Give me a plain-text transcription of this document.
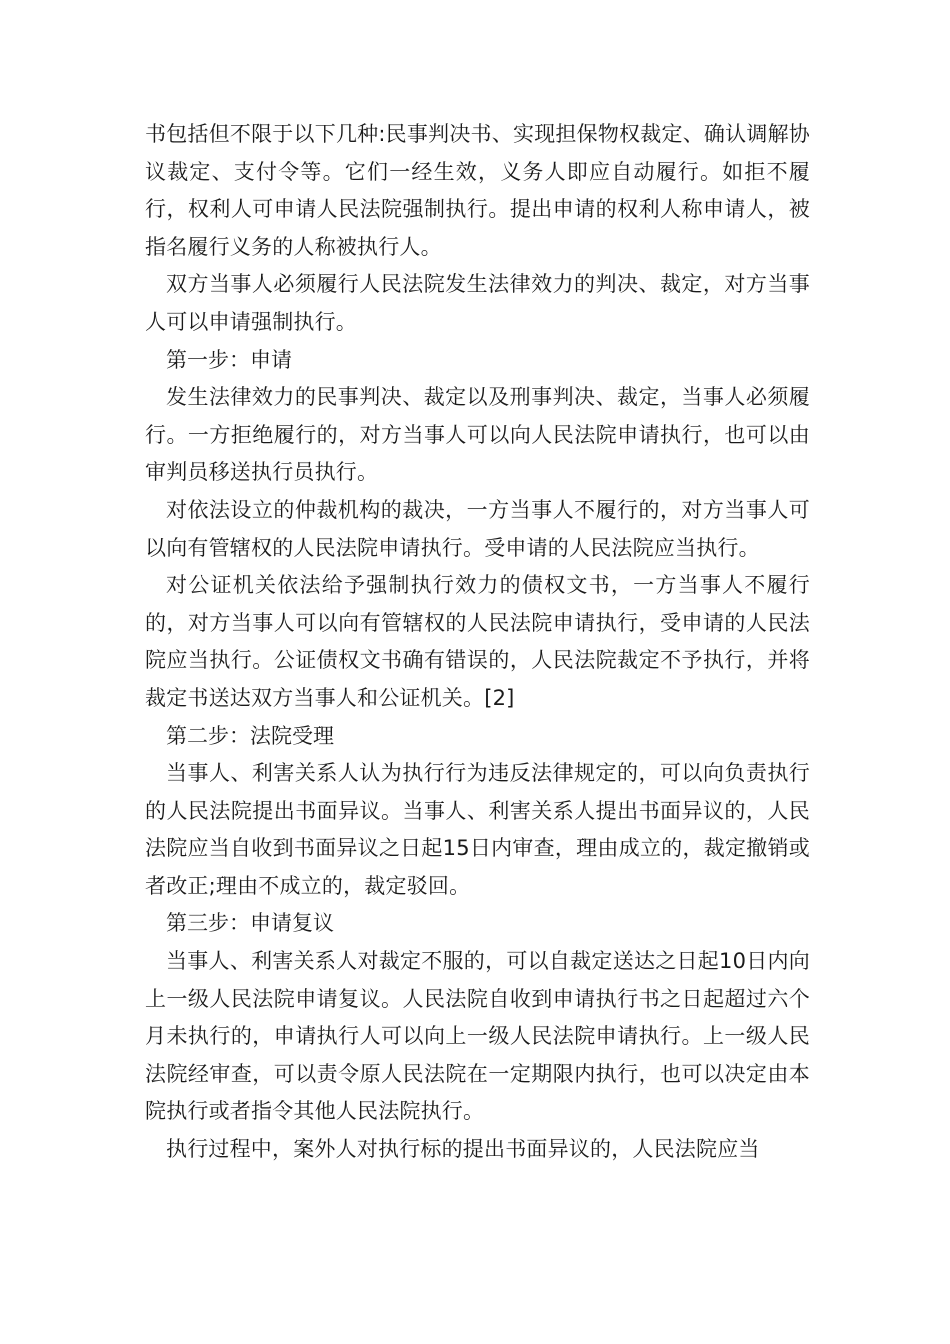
书包括但不限于以下几种:民事判决书、实现担保物权裁定、确认调解协议裁定、支付令等。它们一经生效，义务人即应自动履行。如拒不履行，权利人可申请人民法院强制执行。提出申请的权利人称申请人，被指名履行义务的人称被执行人。

双方当事人必须履行人民法院发生法律效力的判决、裁定，对方当事人可以申请强制执行。

第一步：申请

发生法律效力的民事判决、裁定以及刑事判决、裁定，当事人必须履行。一方拒绝履行的，对方当事人可以向人民法院申请执行，也可以由审判员移送执行员执行。

对依法设立的仲裁机构的裁决，一方当事人不履行的，对方当事人可以向有管辖权的人民法院申请执行。受申请的人民法院应当执行。

对公证机关依法给予强制执行效力的债权文书，一方当事人不履行的，对方当事人可以向有管辖权的人民法院申请执行，受申请的人民法院应当执行。公证债权文书确有错误的，人民法院裁定不予执行，并将裁定书送达双方当事人和公证机关。[2]

第二步：法院受理

当事人、利害关系人认为执行行为违反法律规定的，可以向负责执行的人民法院提出书面异议。当事人、利害关系人提出书面异议的，人民法院应当自收到书面异议之日起15日内审查，理由成立的，裁定撤销或者改正;理由不成立的，裁定驳回。

第三步：申请复议

当事人、利害关系人对裁定不服的，可以自裁定送达之日起10日内向上一级人民法院申请复议。人民法院自收到申请执行书之日起超过六个月未执行的，申请执行人可以向上一级人民法院申请执行。上一级人民法院经审查，可以责令原人民法院在一定期限内执行，也可以决定由本院执行或者指令其他人民法院执行。

执行过程中，案外人对执行标的提出书面异议的，人民法院应当
